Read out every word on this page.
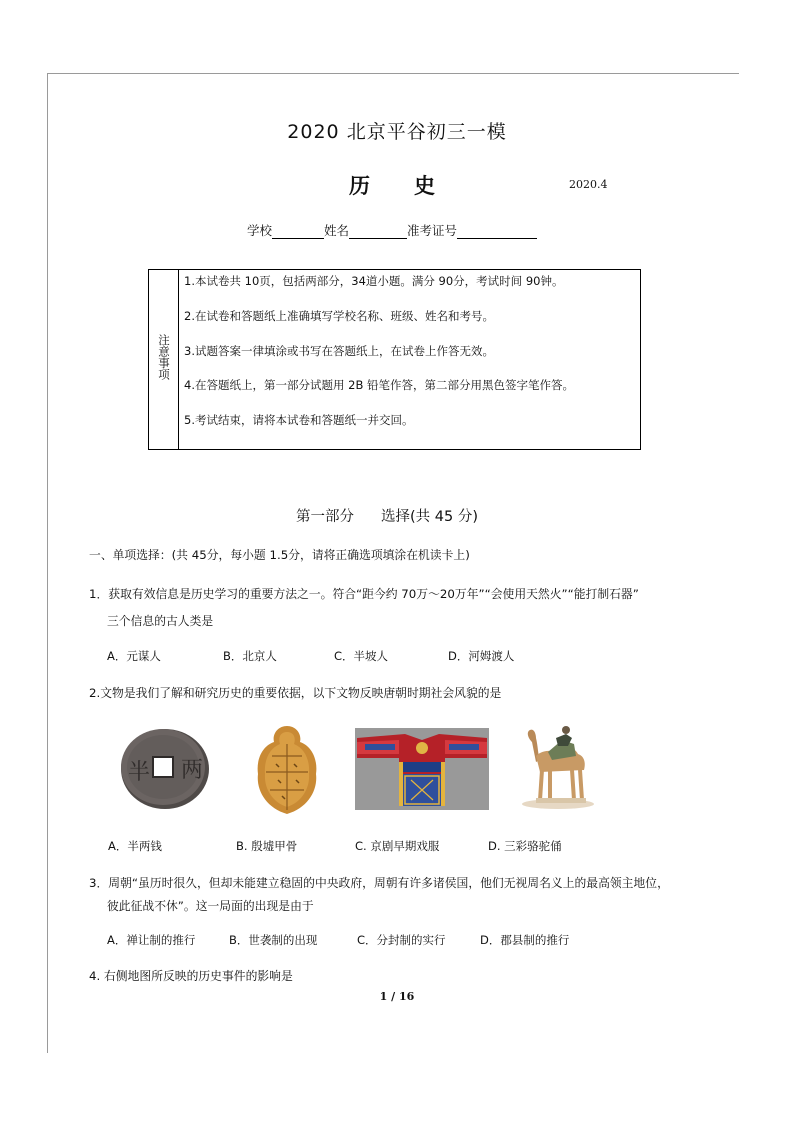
2020 北京平谷初三一模
历史	2020.4
学校	姓名	准考证号
注意事项
1.本试卷共 10页，包括两部分，34道小题。满分 90分，考试时间 90钟。
2.在试卷和答题纸上准确填写学校名称、班级、姓名和考号。
3.试题答案一律填涂或书写在答题纸上，在试卷上作答无效。
4.在答题纸上，第一部分试题用 2B 铅笔作答，第二部分用黑色签字笔作答。
5.考试结束，请将本试卷和答题纸一并交回。
第一部分 选择(共 45 分)
一、单项选择：(共 45分，每小题 1.5分，请将正确选项填涂在机读卡上)
1．获取有效信息是历史学习的重要方法之一。符合“距今约 70万～20万年”“会使用天然火”“能打制石器”
三个信息的古人类是
A．元谋人	B．北京人	C．半坡人	D．河姆渡人
2.文物是我们了解和研究历史的重要依据，以下文物反映唐朝时期社会风貌的是
两
半
A．半两钱	B. 殷墟甲骨	C. 京剧早期戏服	D. 三彩骆驼俑
3．周朝“虽历时很久，但却未能建立稳固的中央政府，周朝有许多诸侯国，他们无视周名义上的最高领主地位，
彼此征战不休”。这一局面的出现是由于
A．禅让制的推行	B．世袭制的出现	C．分封制的实行	D．郡县制的推行
4. 右侧地图所反映的历史事件的影响是
1 / 16
